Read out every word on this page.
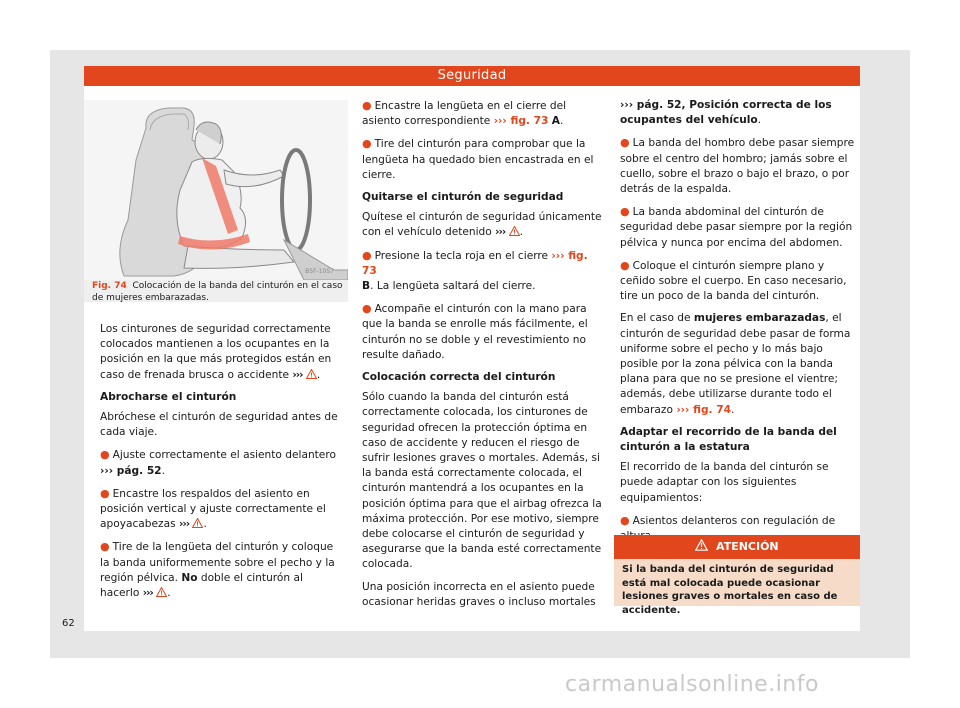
Seguridad
B5F-1057
Fig. 74 Colocación de la banda del cinturón en el caso de mujeres embarazadas.

Los cinturones de seguridad correctamente colocados mantienen a los ocupantes en la posición en la que más protegidos están en caso de frenada brusca o accidente ››› .

Abrocharse el cinturón

Abróchese el cinturón de seguridad antes de cada viaje.

● Ajuste correctamente el asiento delantero ››› pág. 52.

● Encastre los respaldos del asiento en posición vertical y ajuste correctamente el apoyacabezas ››› .

● Tire de la lengüeta del cinturón y coloque la banda uniformemente sobre el pecho y la región pélvica. No doble el cinturón al hacerlo ››› .

● Encastre la lengüeta en el cierre del asiento correspondiente ››› fig. 73 A.

● Tire del cinturón para comprobar que la lengüeta ha quedado bien encastrada en el cierre.

Quitarse el cinturón de seguridad

Quítese el cinturón de seguridad únicamente con el vehículo detenido ››› .

● Presione la tecla roja en el cierre ››› fig. 73
B. La lengüeta saltará del cierre.

● Acompañe el cinturón con la mano para que la banda se enrolle más fácilmente, el cinturón no se doble y el revestimiento no resulte dañado.

Colocación correcta del cinturón

Sólo cuando la banda del cinturón está correctamente colocada, los cinturones de seguridad ofrecen la protección óptima en caso de accidente y reducen el riesgo de sufrir lesiones graves o mortales. Además, si la banda está correctamente colocada, el cinturón mantendrá a los ocupantes en la posición óptima para que el airbag ofrezca la máxima protección. Por ese motivo, siempre debe colocarse el cinturón de seguridad y asegurarse que la banda esté correctamente colocada.

Una posición incorrecta en el asiento puede ocasionar heridas graves o incluso mortales

››› pág. 52, Posición correcta de los ocupantes del vehículo.

● La banda del hombro debe pasar siempre sobre el centro del hombro; jamás sobre el cuello, sobre el brazo o bajo el brazo, o por detrás de la espalda.

● La banda abdominal del cinturón de seguridad debe pasar siempre por la región pélvica y nunca por encima del abdomen.

● Coloque el cinturón siempre plano y ceñido sobre el cuerpo. En caso necesario, tire un poco de la banda del cinturón.

En el caso de mujeres embarazadas, el cinturón de seguridad debe pasar de forma uniforme sobre el pecho y lo más bajo posible por la zona pélvica con la banda plana para que no se presione el vientre; además, debe utilizarse durante todo el embarazo ››› fig. 74.

Adaptar el recorrido de la banda del cinturón a la estatura

El recorrido de la banda del cinturón se puede adaptar con los siguientes equipamientos:

● Asientos delanteros con regulación de

ATENCIÓN
Si la banda del cinturón de seguridad está mal colocada puede ocasionar lesiones graves o mortales en caso de accidente.
62
carmanualsonline.info
